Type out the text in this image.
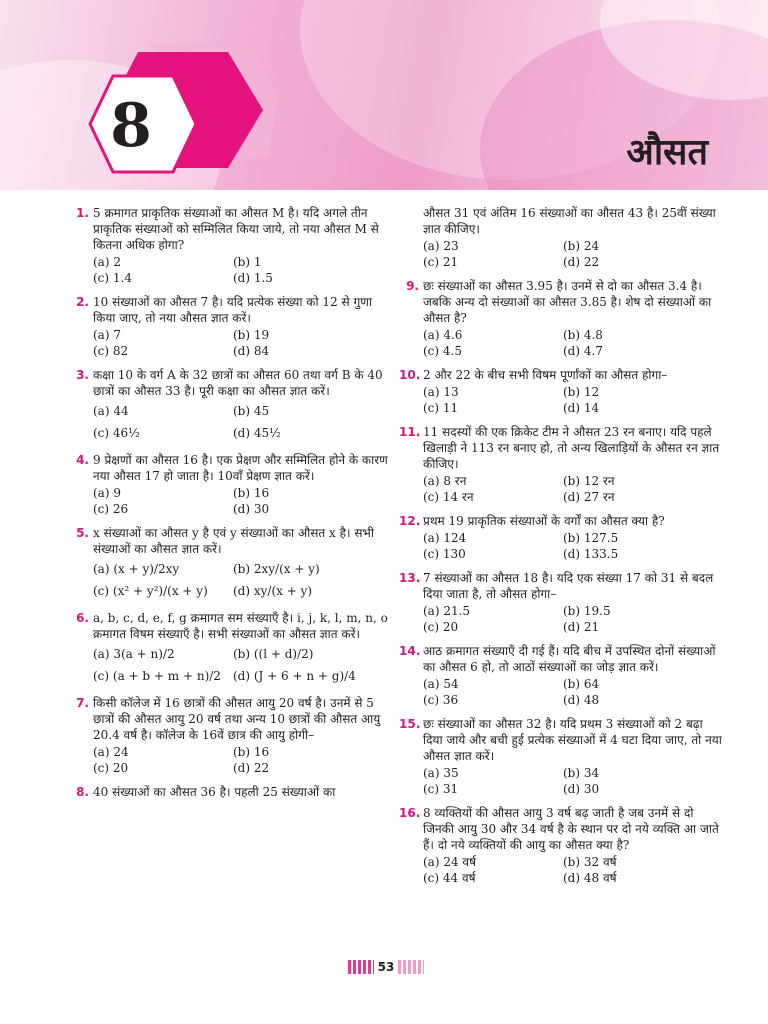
8	औसत
1. 5 क्रमागत प्राकृतिक संख्याओं का औसत M है। यदि अगले तीन प्राकृतिक संख्याओं को सम्मिलित किया जाये, तो नया औसत M से कितना अधिक होगा?
(a) 2	(b) 1
(c) 1.4	(d) 1.5
2. 10 संख्याओं का औसत 7 है। यदि प्रत्येक संख्या को 12 से गुणा किया जाए, तो नया औसत ज्ञात करें।
(a) 7	(b) 19
(c) 82	(d) 84
3. कक्षा 10 के वर्ग A के 32 छात्रों का औसत 60 तथा वर्ग B के 40 छात्रों का औसत 33 है। पूरी कक्षा का औसत ज्ञात करें।
(a) 44	(b) 45
(c) 46½	(d) 45½
4. 9 प्रेक्षणों का औसत 16 है। एक प्रेक्षण और सम्मिलित होने के कारण नया औसत 17 हो जाता है। 10वाँ प्रेक्षण ज्ञात करें।
(a) 9	(b) 16
(c) 26	(d) 30
5. x संख्याओं का औसत y है एवं y संख्याओं का औसत x है। सभी संख्याओं का औसत ज्ञात करें।
(a) (x + y)/2xy	(b) 2xy/(x + y)
(c) (x² + y²)/(x + y)	(d) xy/(x + y)
6. a, b, c, d, e, f, g क्रमागत सम संख्याएँ है। i, j, k, l, m, n, o क्रमागत विषम संख्याएँ है। सभी संख्याओं का औसत ज्ञात करें।
(a) 3(a + n)/2	(b) ((l + d)/2)
(c) (a + b + m + n)/2	(d) (J + 6 + n + g)/4
7. किसी कॉलेज में 16 छात्रों की औसत आयु 20 वर्ष है। उनमें से 5 छात्रों की औसत आयु 20 वर्ष तथा अन्य 10 छात्रों की औसत आयु 20.4 वर्ष है। कॉलेज के 16वें छात्र की आयु होगी–
(a) 24	(b) 16
(c) 20	(d) 22
8. 40 संख्याओं का औसत 36 है। पहली 25 संख्याओं का
औसत 31 एवं अंतिम 16 संख्याओं का औसत 43 है। 25वीं संख्या ज्ञात कीजिए।
(a) 23	(b) 24
(c) 21	(d) 22
9. छः संख्याओं का औसत 3.95 है। उनमें से दो का औसत 3.4 है। जबकि अन्य दो संख्याओं का औसत 3.85 है। शेष दो संख्याओं का औसत है?
(a) 4.6	(b) 4.8
(c) 4.5	(d) 4.7
10. 2 और 22 के बीच सभी विषम पूर्णांकों का औसत होगा–
(a) 13	(b) 12
(c) 11	(d) 14
11. 11 सदस्यों की एक क्रिकेट टीम ने औसत 23 रन बनाए। यदि पहले खिलाड़ी ने 113 रन बनाए हो, तो अन्य खिलाड़ियों के औसत रन ज्ञात कीजिए।
(a) 8 रन	(b) 12 रन
(c) 14 रन	(d) 27 रन
12. प्रथम 19 प्राकृतिक संख्याओं के वर्गों का औसत क्या है?
(a) 124	(b) 127.5
(c) 130	(d) 133.5
13. 7 संख्याओं का औसत 18 है। यदि एक संख्या 17 को 31 से बदल दिया जाता है, तो औसत होगा–
(a) 21.5	(b) 19.5
(c) 20	(d) 21
14. आठ क्रमागत संख्याएँ दी गई हैं। यदि बीच में उपस्थित दोनों संख्याओं का औसत 6 हो, तो आठों संख्याओं का जोड़ ज्ञात करें।
(a) 54	(b) 64
(c) 36	(d) 48
15. छः संख्याओं का औसत 32 है। यदि प्रथम 3 संख्याओं को 2 बढ़ा दिया जाये और बची हुई प्रत्येक संख्याओं में 4 घटा दिया जाए, तो नया औसत ज्ञात करें।
(a) 35	(b) 34
(c) 31	(d) 30
16. 8 व्यक्तियों की औसत आयु 3 वर्ष बढ़ जाती है जब उनमें से दो जिनकी आयु 30 और 34 वर्ष है के स्थान पर दो नये व्यक्ति आ जाते हैं। दो नये व्यक्तियों की आयु का औसत क्या है?
(a) 24 वर्ष	(b) 32 वर्ष
(c) 44 वर्ष	(d) 48 वर्ष
53
